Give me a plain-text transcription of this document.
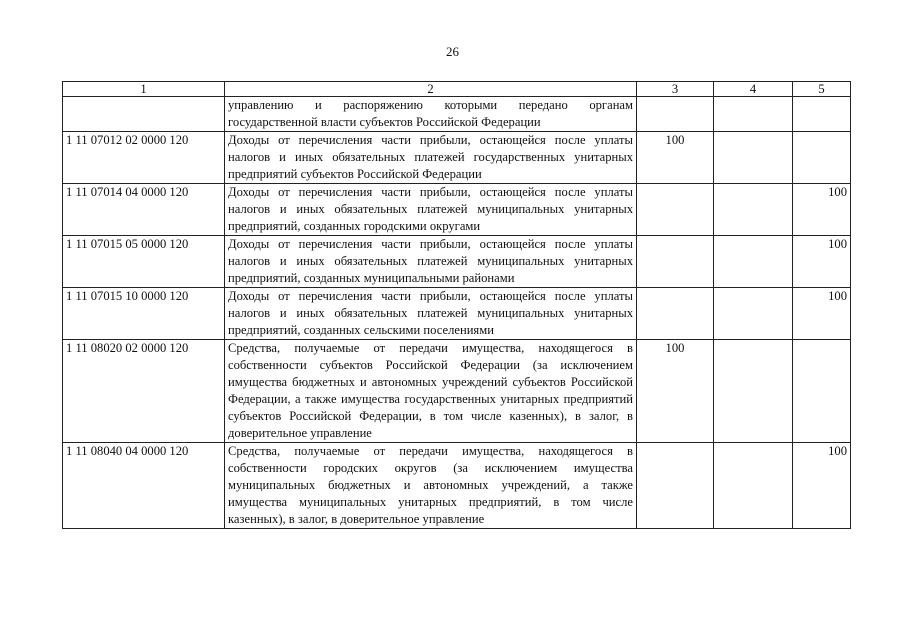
26
1	2	3	4	5
	управлению и распоряжению которыми передано органам государственной власти субъектов Российской Федерации			
1 11 07012 02 0000 120	Доходы от перечисления части прибыли, остающейся после уплаты налогов и иных обязательных платежей государственных унитарных предприятий субъектов Российской Федерации	100		
1 11 07014 04 0000 120	Доходы от перечисления части прибыли, остающейся после уплаты налогов и иных обязательных платежей муниципальных унитарных предприятий, созданных городскими округами			100
1 11 07015 05 0000 120	Доходы от перечисления части прибыли, остающейся после уплаты налогов и иных обязательных платежей муниципальных унитарных предприятий, созданных муниципальными районами			100
1 11 07015 10 0000 120	Доходы от перечисления части прибыли, остающейся после уплаты налогов и иных обязательных платежей муниципальных унитарных предприятий, созданных сельскими поселениями			100
1 11 08020 02 0000 120	Средства, получаемые от передачи имущества, находящегося в собственности субъектов Российской Федерации (за исключением имущества бюджетных и автономных учреждений субъектов Российской Федерации, а также имущества государственных унитарных предприятий субъектов Российской Федерации, в том числе казенных), в залог, в доверительное управление	100		
1 11 08040 04 0000 120	Средства, получаемые от передачи имущества, находящегося в собственности городских округов (за исключением имущества муниципальных бюджетных и автономных учреждений, а также имущества муниципальных унитарных предприятий, в том числе казенных), в залог, в доверительное управление			100
